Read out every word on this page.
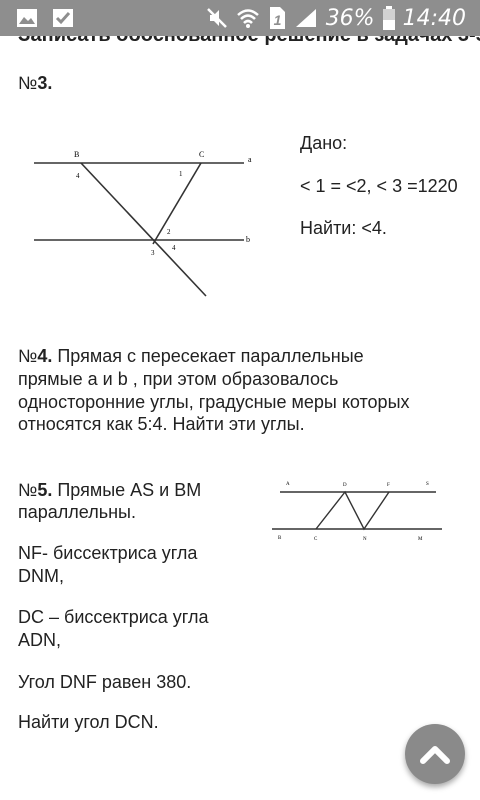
1 36% 14:40
№3.
B	C
a
b
4	1
2
3
4
Дано:
< 1 = <2, < 3 =1220
Найти: <4.
№4. Прямая с пересекает параллельные
прямые a и b , при этом образовалось
односторонние углы, градусные меры которых
относятся как 5:4. Найти эти углы.
№5. Прямые AS и BM
параллельны.
NF- биссектриса угла
DNM,
DC – биссектриса угла
ADN,
Угол DNF равен 380.
Найти угол DCN.
A	D	F	S
B	C	N	M
